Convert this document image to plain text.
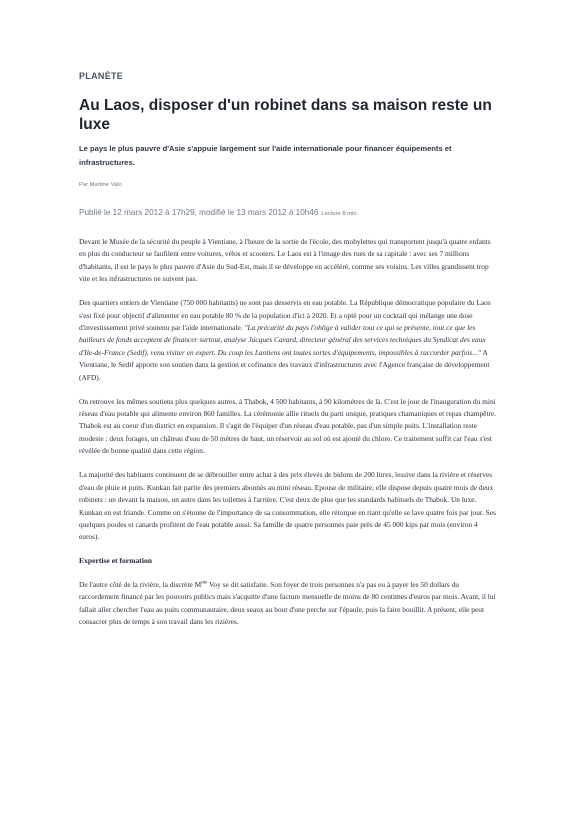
PLANÈTE
Au Laos, disposer d'un robinet dans sa maison reste un luxe
Le pays le plus pauvre d'Asie s'appuie largement sur l'aide internationale pour financer équipements et infrastructures.
Par Martine Valo
Publié le 12 mars 2012 à 17h29, modifié le 13 mars 2012 à 10h46 Lecture 8 min.

Devant le Musée de la sécurité du peuple à Vientiane, à l'heure de la sortie de l'école, des mobylettes qui transportent jusqu'à quatre enfants en plus du conducteur se faufilent entre voitures, vélos et scooters. Le Laos est à l'image des rues de sa capitale : avec ses 7 millions d'habitants, il est le pays le plus pauvre d'Asie du Sud-Est, mais il se développe en accéléré, comme ses voisins. Les villes grandissent trop vite et les infrastructures ne suivent pas.

Des quartiers entiers de Vientiane (750 000 habitants) ne sont pas desservis en eau potable. La République démocratique populaire du Laos s'est fixé pour objectif d'alimenter en eau potable 80 % de la population d'ici à 2020. Et a opté pour un cocktail qui mélange une dose d'investissement privé soutenu par l'aide internationale. "La précarité du pays l'oblige à valider tout ce qui se présente, tout ce que les bailleurs de fonds acceptent de financer surtout, analyse Jacques Cavard, directeur général des services techniques du Syndicat des eaux d'Ile-de-France (Sedif), venu visiter en expert. Du coup les Laotiens ont toutes sortes d'équipements, impossibles à raccorder parfois..." A Vientiane, le Sedif apporte son soutien dans la gestion et cofinance des travaux d'infrastructures avec l'Agence française de développement (AFD).

On retrouve les mêmes soutiens plus quelques autres, à Thabok, 4 500 habitants, à 90 kilomètres de là. C'est le jour de l'inauguration du mini réseau d'eau potable qui alimente environ 860 familles. La cérémonie allie rituels du parti unique, pratiques chamaniques et repas champêtre. Thabok est au coeur d'un district en expansion. Il s'agit de l'équiper d'un réseau d'eau potable, pas d'un simple puits. L'installation reste modeste : deux forages, un château d'eau de 50 mètres de haut, un réservoir au sol où est ajouté du chlore. Ce traitement suffit car l'eau s'est révélée de bonne qualité dans cette région.

La majorité des habitants continuent de se débrouiller entre achat à des prix élevés de bidons de 200 litres, lessive dans la rivière et réserves d'eau de pluie et puits. Kunkan fait partie des premiers abonnés au mini réseau. Epouse de militaire, elle dispose depuis quatre mois de deux robinets : un devant la maison, un autre dans les toilettes à l'arrière. C'est deux de plus que les standards habituels de Thabok. Un luxe. Kunkan en est friande. Comme on s'étonne de l'importance de sa consommation, elle rétorque en riant qu'elle se lave quatre fois par jour. Ses quelques poules et canards profitent de l'eau potable aussi. Sa famille de quatre personnes paie près de 45 000 kips par mois (environ 4 euros).

Expertise et formation

De l'autre côté de la rivière, la discrète $M^{me}$ Voy se dit satisfaite. Son foyer de trois personnes n'a pas eu à payer les 50 dollars du raccordement financé par les pouvoirs publics mais s'acquitte d'une facture mensuelle de moins de 80 centimes d'euros par mois. Avant, il lui fallait aller chercher l'eau au puits communautaire, deux seaux au bout d'une perche sur l'épaule, puis la faire bouillir. A présent, elle peut consacrer plus de temps à son travail dans les rizières.
